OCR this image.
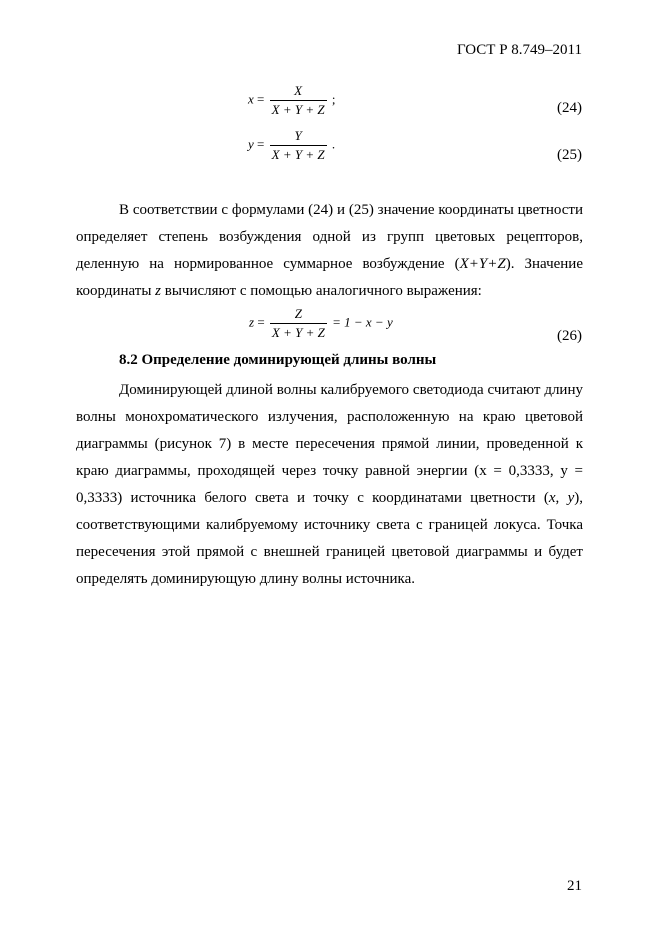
ГОСТ Р 8.749–2011
$x = \frac{X}{X + Y + Z}$ ;
(24)
$y = \frac{Y}{X + Y + Z}$ .
(25)

В соответствии с формулами (24) и (25) значение координаты цветности определяет степень возбуждения одной из групп цветовых рецепторов, деленную на нормированное суммарное возбуждение (X+Y+Z). Значение координаты z вычисляют с помощью аналогичного выражения:

$z = \frac{Z}{X + Y + Z} = 1 - x - y$
(26)
8.2 Определение доминирующей длины волны

Доминирующей длиной волны калибруемого светодиода считают длину волны монохроматического излучения, расположенную на краю цветовой диаграммы (рисунок 7) в месте пересечения прямой линии, проведенной к краю диаграммы, проходящей через точку равной энергии (x = 0,3333, y = 0,3333) источника белого света и точку с координатами цветности (x, y), соответствующими калибруемому источнику света с границей локуса. Точка пересечения этой прямой с внешней границей цветовой диаграммы и будет определять доминирующую длину волны источника.

21
